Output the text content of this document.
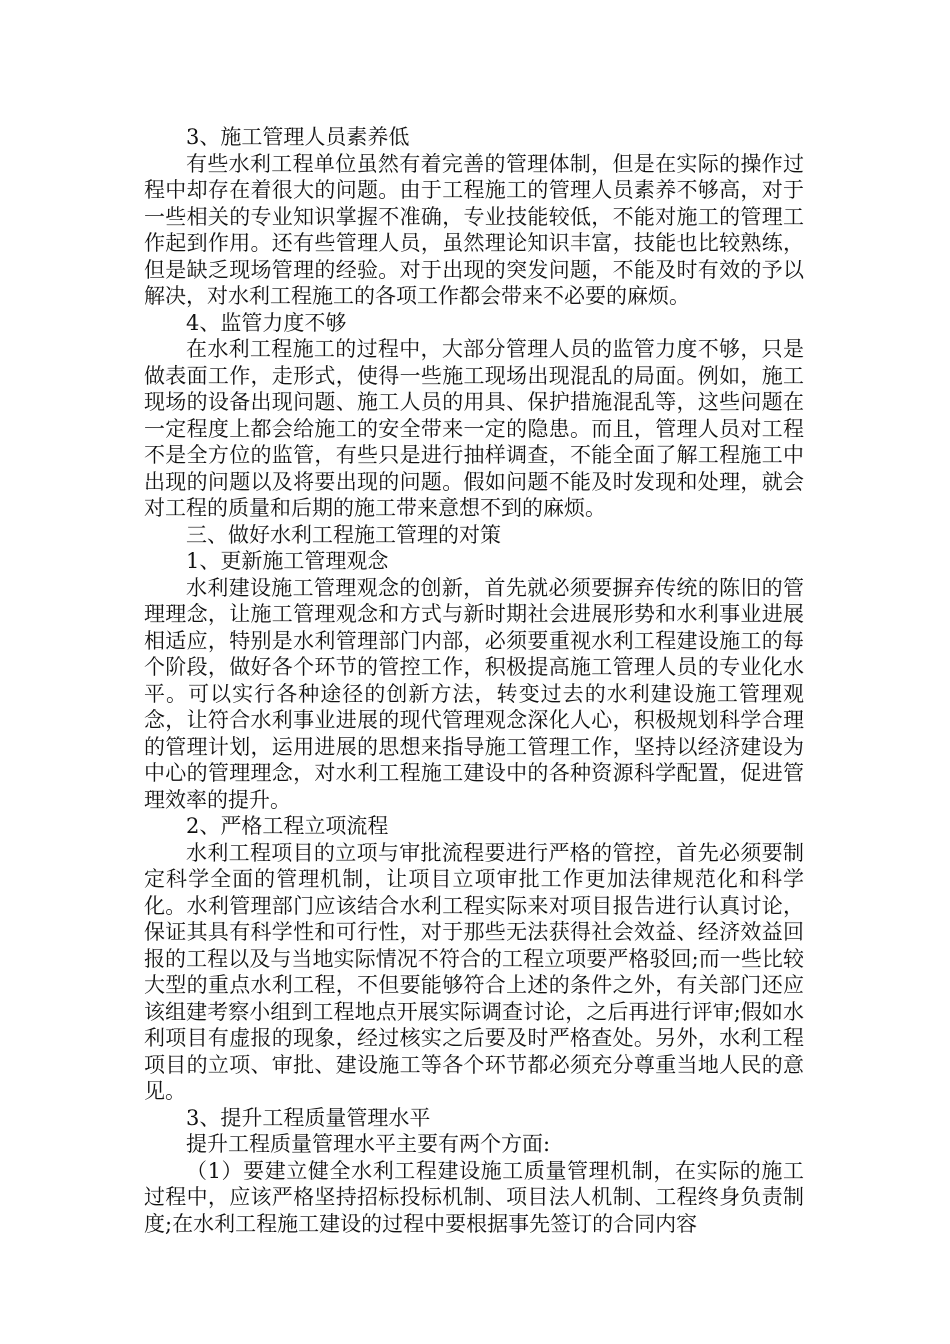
3、施工管理人员素养低

有些水利工程单位虽然有着完善的管理体制，但是在实际的操作过程中却存在着很大的问题。由于工程施工的管理人员素养不够高，对于一些相关的专业知识掌握不准确，专业技能较低，不能对施工的管理工作起到作用。还有些管理人员，虽然理论知识丰富，技能也比较熟练，但是缺乏现场管理的经验。对于出现的突发问题，不能及时有效的予以解决，对水利工程施工的各项工作都会带来不必要的麻烦。

4、监管力度不够

在水利工程施工的过程中，大部分管理人员的监管力度不够，只是做表面工作，走形式，使得一些施工现场出现混乱的局面。例如，施工现场的设备出现问题、施工人员的用具、保护措施混乱等，这些问题在一定程度上都会给施工的安全带来一定的隐患。而且，管理人员对工程不是全方位的监管，有些只是进行抽样调查，不能全面了解工程施工中出现的问题以及将要出现的问题。假如问题不能及时发现和处理，就会对工程的质量和后期的施工带来意想不到的麻烦。

三、做好水利工程施工管理的对策

1、更新施工管理观念

水利建设施工管理观念的创新，首先就必须要摒弃传统的陈旧的管理理念，让施工管理观念和方式与新时期社会进展形势和水利事业进展相适应，特别是水利管理部门内部，必须要重视水利工程建设施工的每个阶段，做好各个环节的管控工作，积极提高施工管理人员的专业化水平。可以实行各种途径的创新方法，转变过去的水利建设施工管理观念，让符合水利事业进展的现代管理观念深化人心，积极规划科学合理的管理计划，运用进展的思想来指导施工管理工作，坚持以经济建设为中心的管理理念，对水利工程施工建设中的各种资源科学配置，促进管理效率的提升。

2、严格工程立项流程

水利工程项目的立项与审批流程要进行严格的管控，首先必须要制定科学全面的管理机制，让项目立项审批工作更加法律规范化和科学化。水利管理部门应该结合水利工程实际来对项目报告进行认真讨论，保证其具有科学性和可行性，对于那些无法获得社会效益、经济效益回报的工程以及与当地实际情况不符合的工程立项要严格驳回;而一些比较大型的重点水利工程，不但要能够符合上述的条件之外，有关部门还应该组建考察小组到工程地点开展实际调查讨论，之后再进行评审;假如水利项目有虚报的现象，经过核实之后要及时严格查处。另外，水利工程项目的立项、审批、建设施工等各个环节都必须充分尊重当地人民的意见。

3、提升工程质量管理水平

提升工程质量管理水平主要有两个方面:

（1）要建立健全水利工程建设施工质量管理机制，在实际的施工过程中，应该严格坚持招标投标机制、项目法人机制、工程终身负责制度;在水利工程施工建设的过程中要根据事先签订的合同内容
